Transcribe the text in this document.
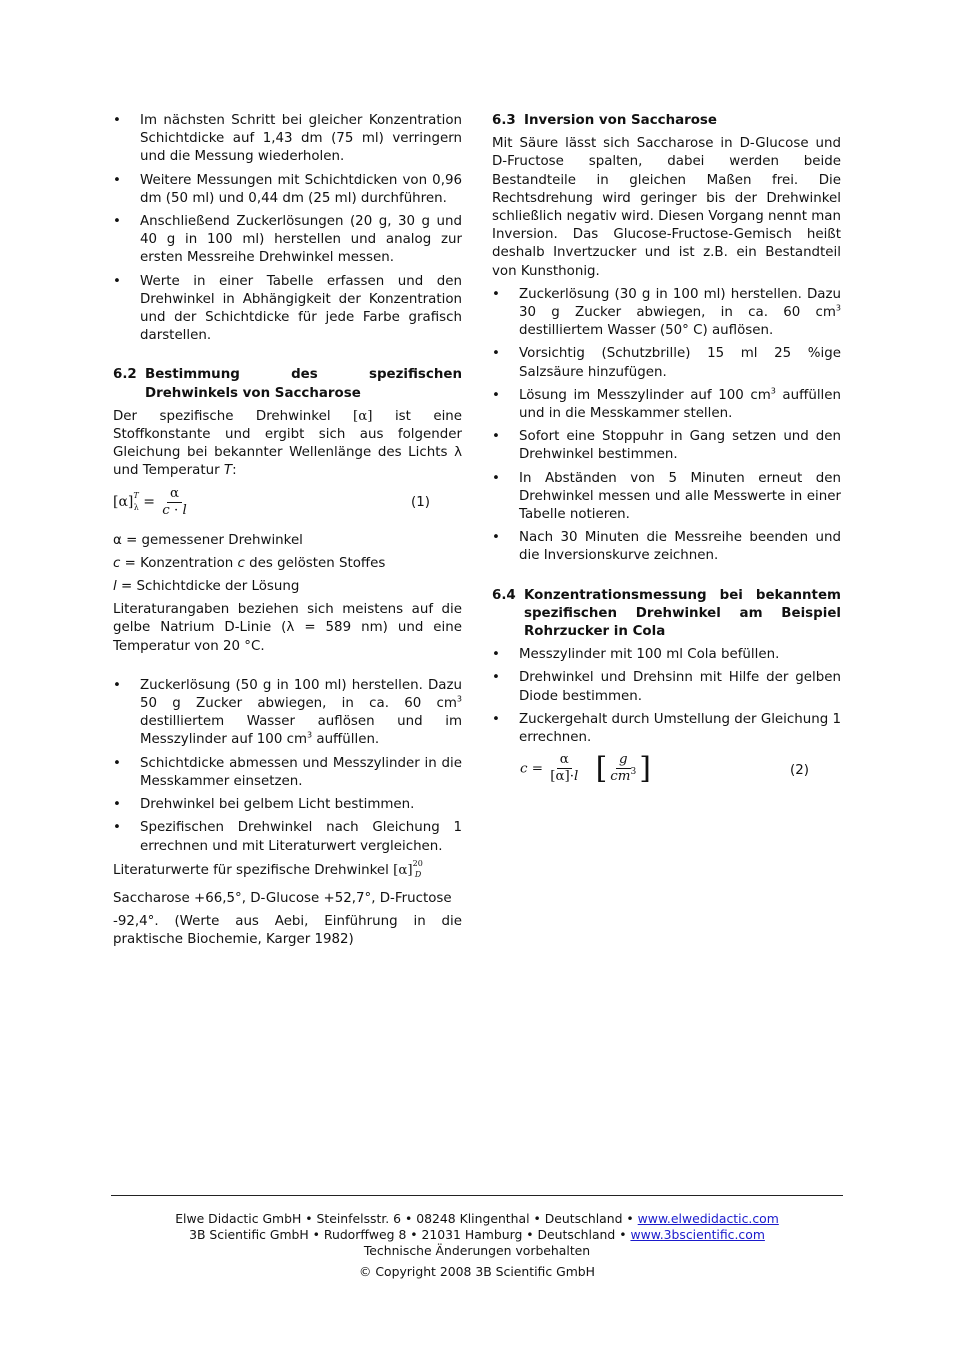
• Im nächsten Schritt bei gleicher Konzentration Schichtdicke auf 1,43 dm (75 ml) verringern und die Messung wiederholen.
• Weitere Messungen mit Schichtdicken von 0,96 dm (50 ml) und 0,44 dm (25 ml) durchführen.
• Anschließend Zuckerlösungen (20 g, 30 g und 40 g in 100 ml) herstellen und analog zur ersten Messreihe Drehwinkel messen.
• Werte in einer Tabelle erfassen und den Drehwinkel in Abhängigkeit der Konzentration und der Schichtdicke für jede Farbe grafisch darstellen.
6.2 Bestimmung des spezifischen Drehwinkels von Saccharose

Der spezifische Drehwinkel [α] ist eine Stoffkonstante und ergibt sich aus folgender Gleichung bei bekannter Wellenlänge des Lichts λ und Temperatur T:

$[\alpha]^T_\lambda = \frac{\alpha}{c \cdot l}$	(1)

α = gemessener Drehwinkel

c = Konzentration c des gelösten Stoffes

l = Schichtdicke der Lösung

Literaturangaben beziehen sich meistens auf die gelbe Natrium D-Linie (λ = 589 nm) und eine Temperatur von 20 °C.

• Zuckerlösung (50 g in 100 ml) herstellen. Dazu 50 g Zucker abwiegen, in ca. 60 $cm^3$ destilliertem Wasser auflösen und im Messzylinder auf 100 $cm^3$ auffüllen.
• Schichtdicke abmessen und Messzylinder in die Messkammer einsetzen.
• Drehwinkel bei gelbem Licht bestimmen.
• Spezifischen Drehwinkel nach Gleichung 1 errechnen und mit Literaturwert vergleichen.

Literaturwerte für spezifische Drehwinkel $[\alpha]^{20}_D$

Saccharose +66,5°, D-Glucose +52,7°, D-Fructose

-92,4°. (Werte aus Aebi, Einführung in die praktische Biochemie, Karger 1982)

6.3 Inversion von Saccharose

Mit Säure lässt sich Saccharose in D-Glucose und D-Fructose spalten, dabei werden beide Bestandteile in gleichen Maßen frei. Die Rechtsdrehung wird geringer bis der Drehwinkel schließlich negativ wird. Diesen Vorgang nennt man Inversion. Das Glucose-Fructose-Gemisch heißt deshalb Invertzucker und ist z.B. ein Bestandteil von Kunsthonig.

• Zuckerlösung (30 g in 100 ml) herstellen. Dazu 30 g Zucker abwiegen, in ca. 60 $cm^3$ destilliertem Wasser (50° C) auflösen.
• Vorsichtig (Schutzbrille) 15 ml 25 %ige Salzsäure hinzufügen.
• Lösung im Messzylinder auf 100 $cm^3$ auffüllen und in die Messkammer stellen.
• Sofort eine Stoppuhr in Gang setzen und den Drehwinkel bestimmen.
• In Abständen von 5 Minuten erneut den Drehwinkel messen und alle Messwerte in einer Tabelle notieren.
• Nach 30 Minuten die Messreihe beenden und die Inversionskurve zeichnen.
6.4 Konzentrationsmessung bei bekanntem spezifischen Drehwinkel am Beispiel Rohrzucker in Cola
• Messzylinder mit 100 ml Cola befüllen.
• Drehwinkel und Drehsinn mit Hilfe der gelben Diode bestimmen.
• Zuckergehalt durch Umstellung der Gleichung 1 errechnen.
$c = \frac{\alpha}{[\alpha]\cdot l}$
[ $\frac{g}{cm^3}$ ]	(2)
Elwe Didactic GmbH • Steinfelsstr. 6 • 08248 Klingenthal • Deutschland • www.elwedidactic.com
3B Scientific GmbH • Rudorffweg 8 • 21031 Hamburg • Deutschland • www.3bscientific.com
Technische Änderungen vorbehalten
© Copyright 2008 3B Scientific GmbH
